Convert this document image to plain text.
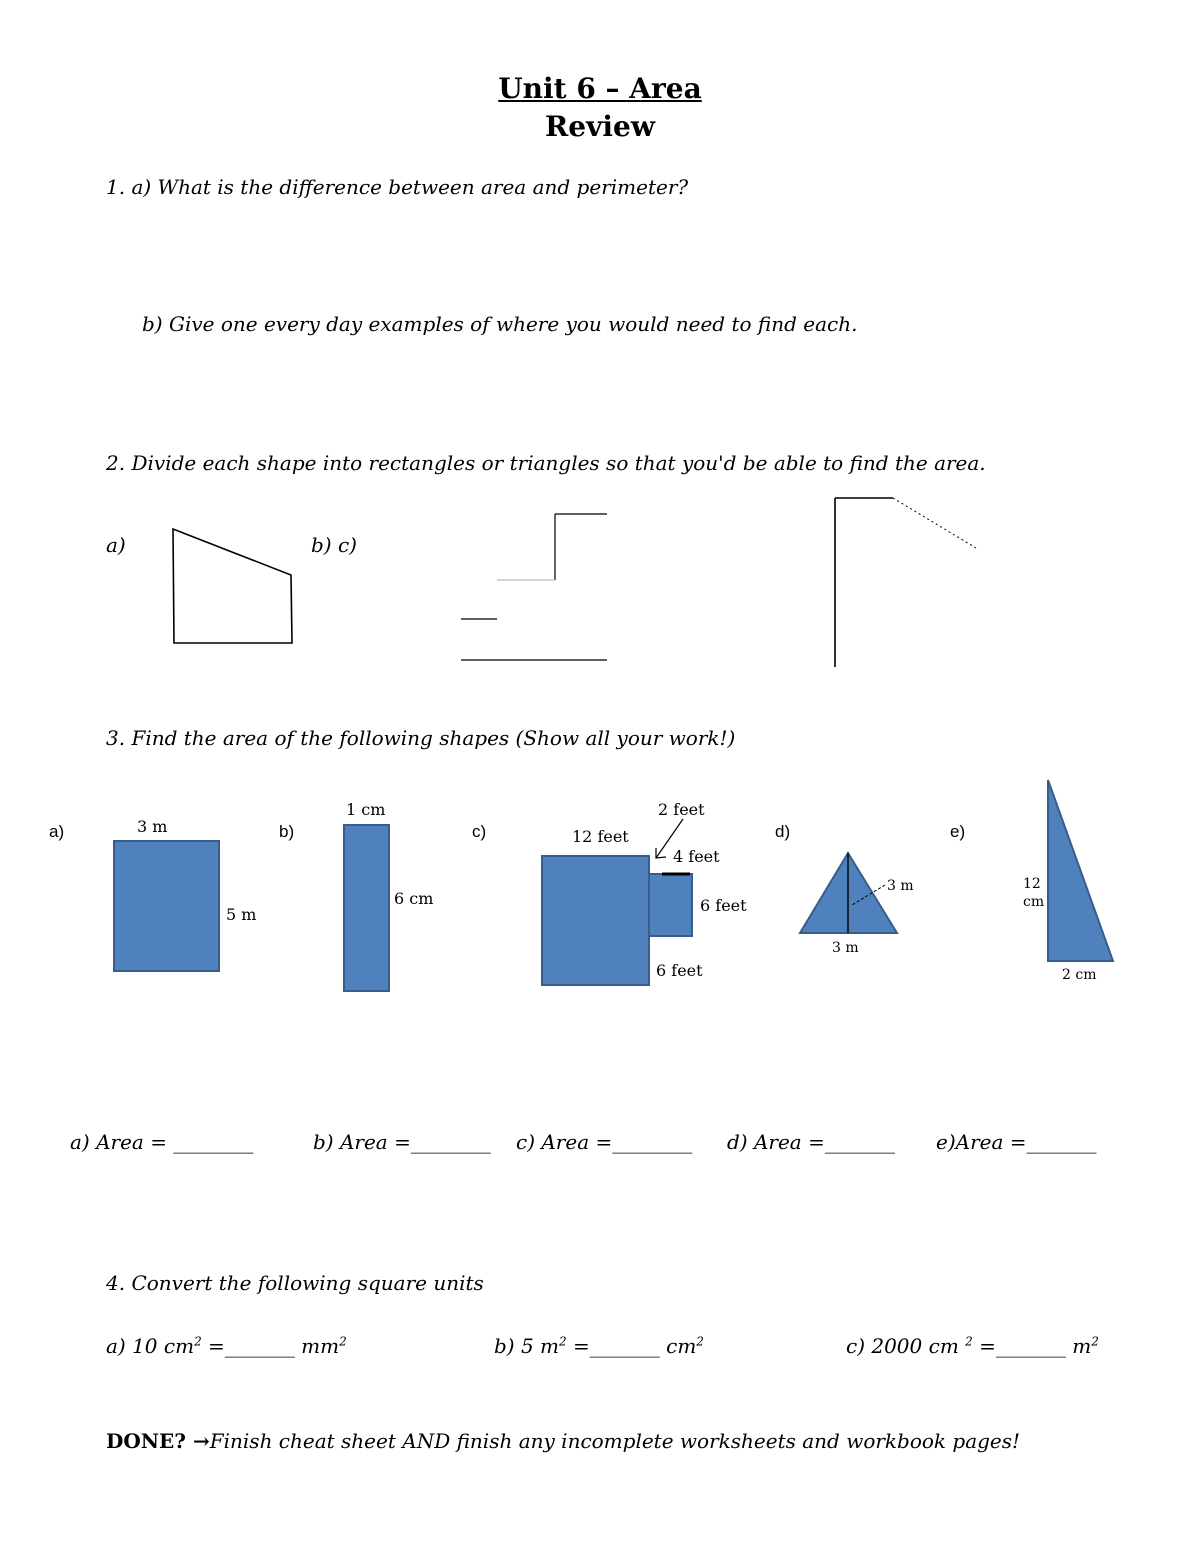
Unit 6 – Area
Review
1. a) What is the difference between area and perimeter?
b) Give one every day examples of where you would need to find each.
2. Divide each shape into rectangles or triangles so that you'd be able to find the area.
a)	b) c)
3. Find the area of the following shapes (Show all your work!)
a)	3 m
5 m
b)
1 cm
6 cm
c)	12 feet
2 feet
4 feet
6 feet
6 feet
d)
3 m
3 m
e)
12
cm
2 cm
a) Area = ________	b) Area =________ c) Area =________ d) Area =_______ e)Area =_______
4. Convert the following square units
a) 10 $cm^2$ =_______ $mm^2$	b) 5 $m^2$ =_______ $cm^2$	c) 2000 cm $^2$ =_______ $m^2$
DONE? →Finish cheat sheet AND finish any incomplete worksheets and workbook pages!
